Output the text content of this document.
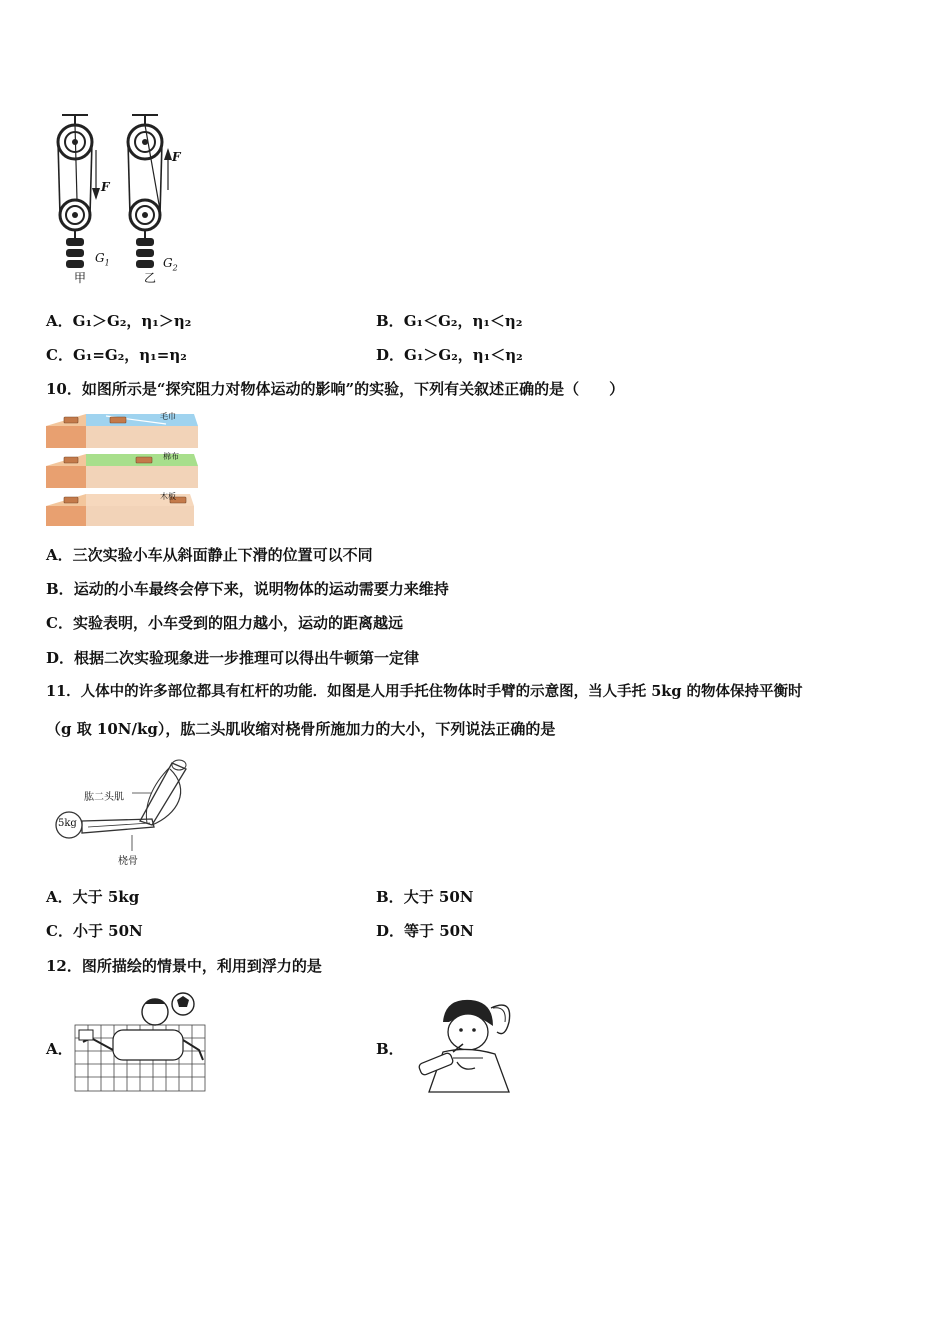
F
F
$G_1$	$G_2$
甲	乙
A．G₁＞G₂，η₁＞η₂	B．G₁＜G₂，η₁＜η₂
C．G₁=G₂，η₁=η₂	D．G₁＞G₂，η₁＜η₂
10．如图所示是“探究阻力对物体运动的影响”的实验，下列有关叙述正确的是（　　）
毛巾
棉布
木板
A．三次实验小车从斜面静止下滑的位置可以不同
B．运动的小车最终会停下来，说明物体的运动需要力来维持
C．实验表明，小车受到的阻力越小，运动的距离越远
D．根据二次实验现象进一步推理可以得出牛顿第一定律
11．人体中的许多部位都具有杠杆的功能．如图是人用手托住物体时手臂的示意图，当人手托 5kg 的物体保持平衡时
（g 取 10N/kg），肱二头肌收缩对桡骨所施加力的大小，下列说法正确的是
肱二头肌
5kg
桡骨
A．大于 5kg	B．大于 50N
C．小于 50N	D．等于 50N
12．图所描绘的情景中，利用到浮力的是
A．	B．
